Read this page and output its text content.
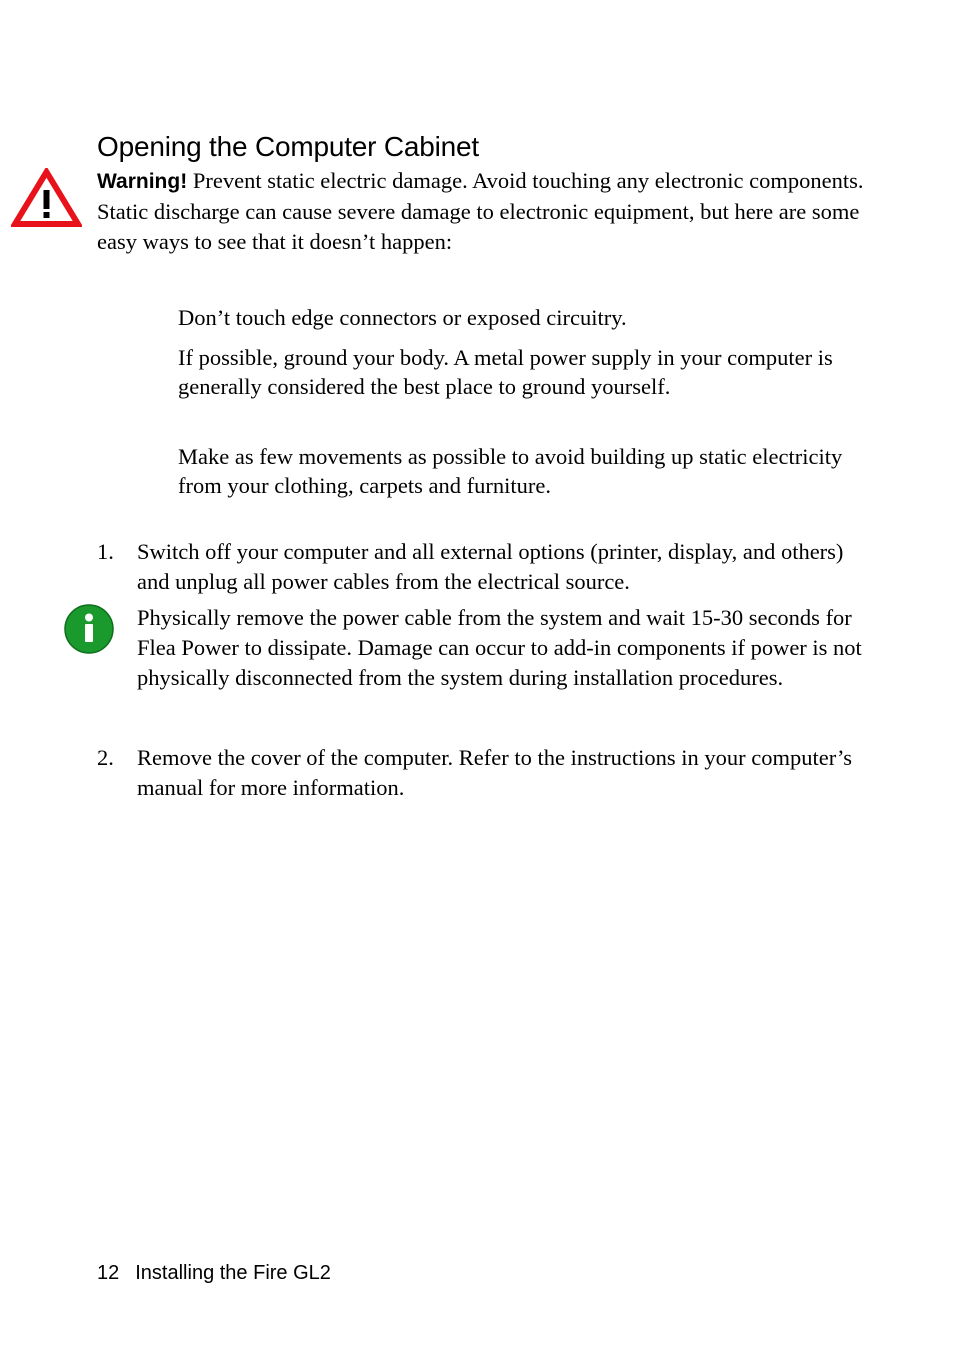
Opening the Computer Cabinet
Warning! Prevent static electric damage. Avoid touching any electronic components. Static discharge can cause severe damage to electronic equipment, but here are some easy ways to see that it doesn’t happen:
Don’t touch edge connectors or exposed circuitry.
If possible, ground your body. A metal power supply in your computer is generally considered the best place to ground yourself.
Make as few movements as possible to avoid building up static electricity from your clothing, carpets and furniture.
1. Switch off your computer and all external options (printer, display, and others) and unplug all power cables from the electrical source.
Physically remove the power cable from the system and wait 15-30 seconds for Flea Power to dissipate. Damage can occur to add-in components if power is not physically disconnected from the system during installation procedures.
2. Remove the cover of the computer. Refer to the instructions in your computer’s manual for more information.
12 Installing the Fire GL2
